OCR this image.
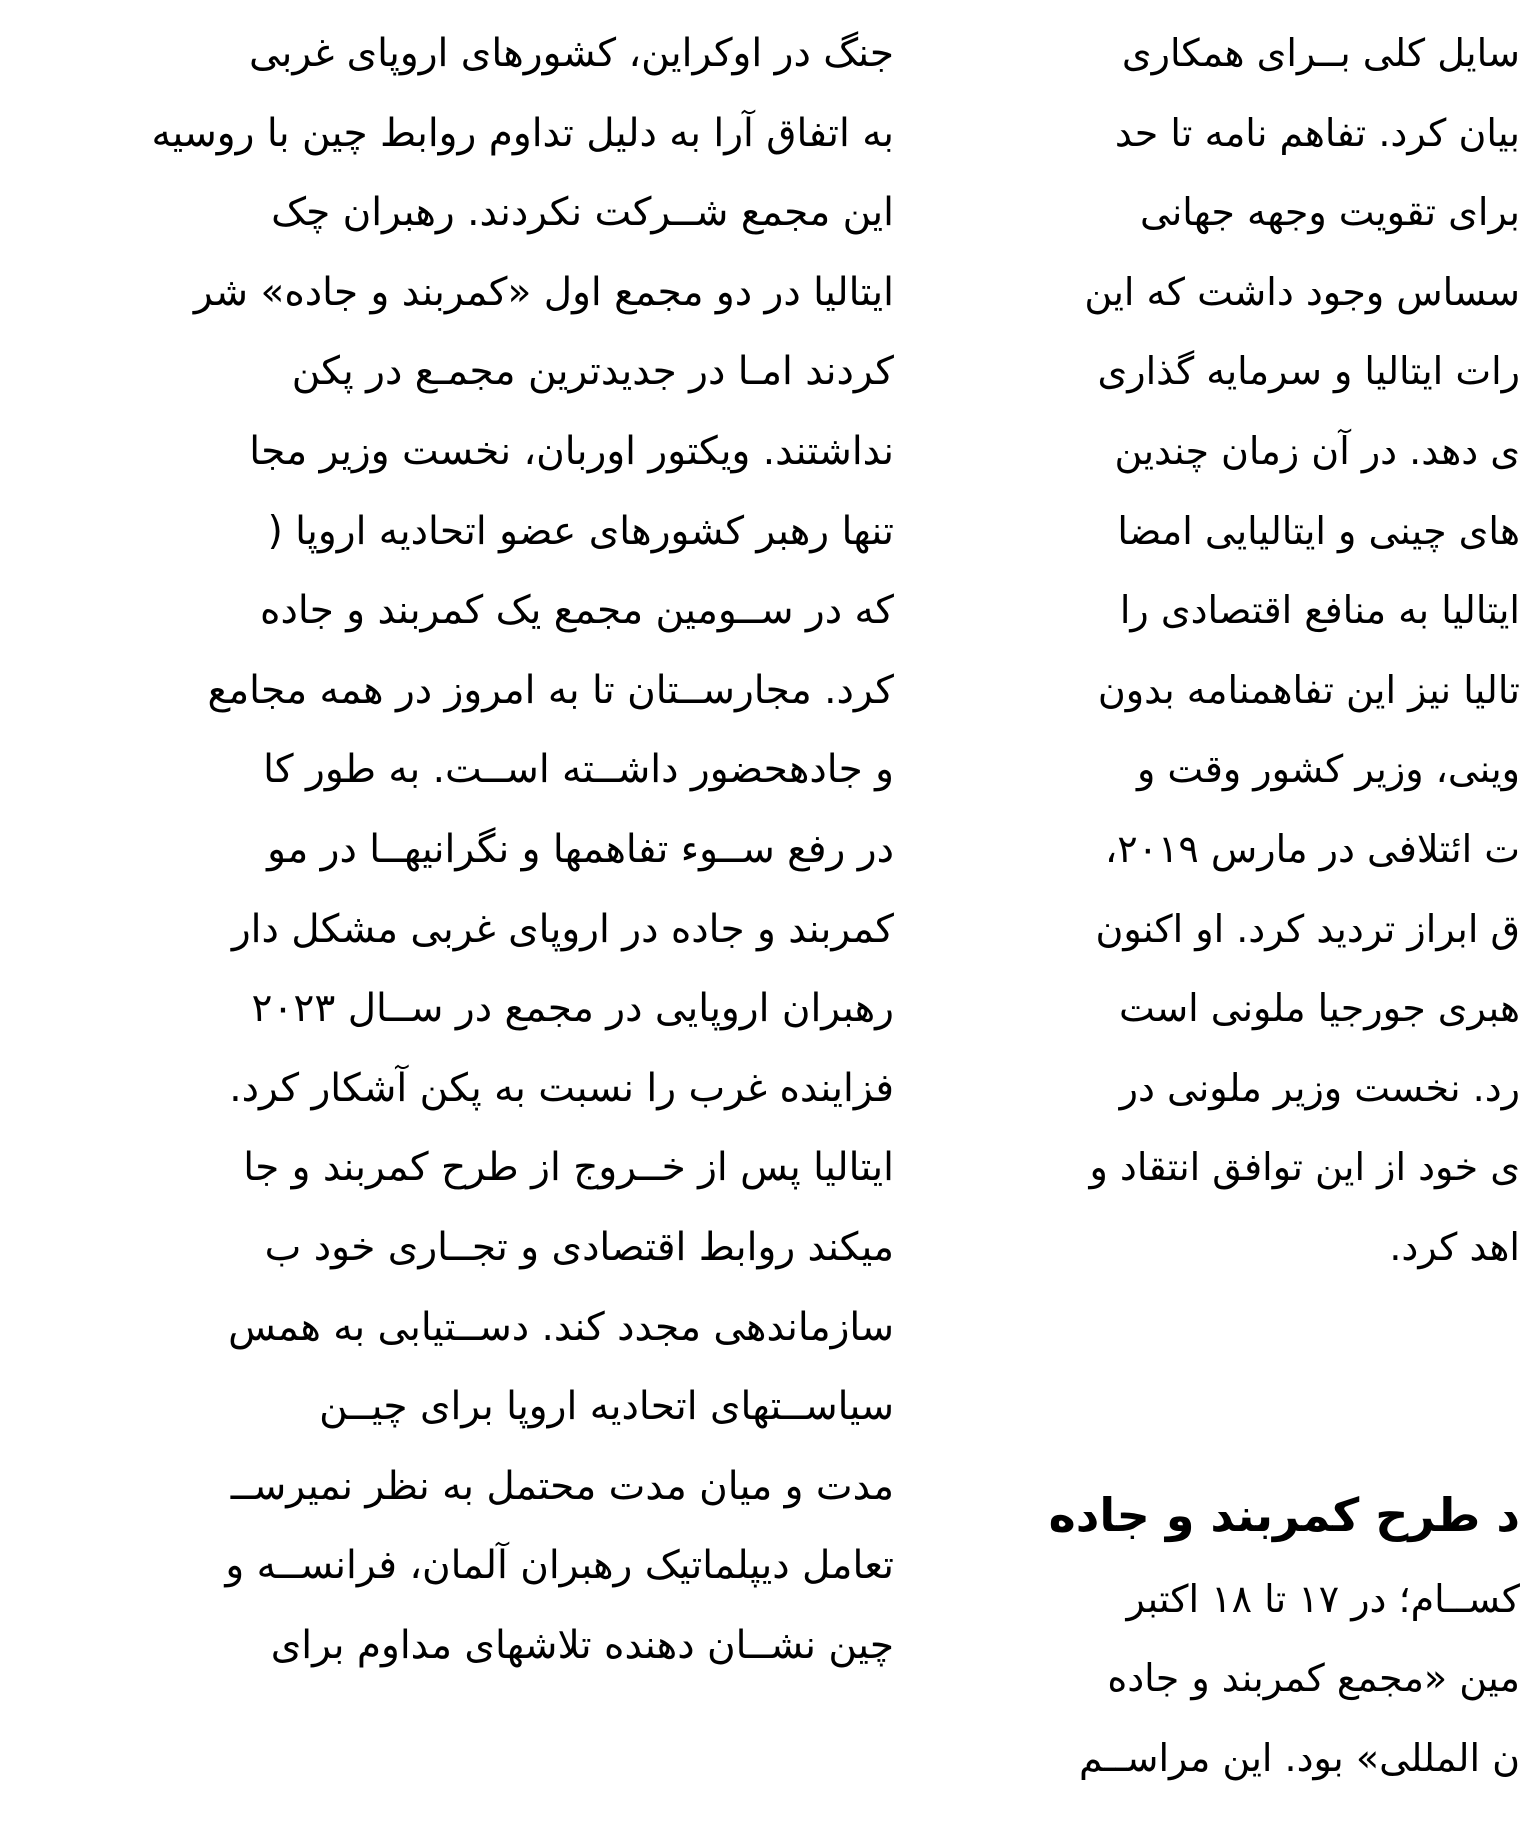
جنگ در اوکراین، کشورهای اروپای غربی
به اتفاق آرا به دلیل تداوم روابط چین با روسیه
این مجمع شــرکت نکردند. رهبران چک
ایتالیا در دو مجمع اول «کمربند و جاده» شر
کردند امـا در جدیدترین مجمـع در پکن
نداشتند. ویکتور اوربان، نخست وزیر مجا
تنها رهبر کشورهای عضو اتحادیه اروپا (
که در ســومین مجمع یک کمربند و جاده
کرد. مجارســتان تا به امروز در همه مجامع
و جادهحضور داشــته اســت. به طور کا
در رفع ســوء تفاهمها و نگرانیهــا در مو
کمربند و جاده در اروپای غربی مشکل دار
رهبران اروپایی در مجمع در ســال ۲۰۲۳
فزاینده غرب را نسبت به پکن آشکار کرد.
ایتالیا پس از خــروج از طرح کمربند و جا
میکند روابط اقتصادی و تجــاری خود ب
سازماندهی مجدد کند. دســتیابی به همس
سیاســتهای اتحادیه اروپا برای چیــن
مدت و میان مدت محتمل به نظر نمیرســ
تعامل دیپلماتیک رهبران آلمان، فرانســه و
چین نشــان دهنده تلاشهای مداوم برای
سایل کلی بــرای همکاری
بیان کرد. تفاهم نامه تا حد
برای تقویت وجهه جهانی
سساس وجود داشت که این
رات ایتالیا و سرمایه گذاری
ی دهد. در آن زمان چندین
های چینی و ایتالیایی امضا
ایتالیا به منافع اقتصادی را
تالیا نیز این تفاهمنامه بدون
وینی، وزیر کشور وقت و
ت ائتلافی در مارس ۲۰۱۹،
ق ابراز تردید کرد. او اکنون
هبری جورجیا ملونی است
رد. نخست وزیر ملونی در
ی خود از این توافق انتقاد و
اهد کرد.
د طرح کمربند و جاده
کســام؛ در ۱۷ تا ۱۸ اکتبر
مین «مجمع کمربند و جاده
ن المللی» بود. این مراســم
